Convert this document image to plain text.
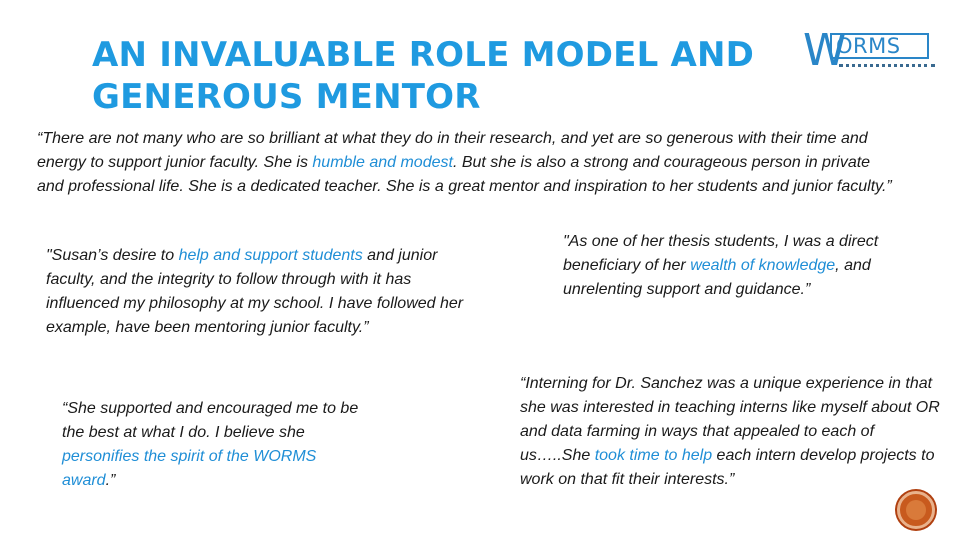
AN INVALUABLE ROLE MODEL AND
GENEROUS MENTOR
W
ORMS

“There are not many who are so brilliant at what they do in their research, and yet are so generous with their time and energy to support junior faculty. She is humble and modest. But she is also a strong and courageous person in private and professional life. She is a dedicated teacher. She is a great mentor and inspiration to her students and junior faculty.”

"Susan’s desire to help and support students and junior faculty, and the integrity to follow through with it has influenced my philosophy at my school. I have followed her example, have been mentoring junior faculty.”

"As one of her thesis students, I was a direct beneficiary of her wealth of knowledge, and unrelenting support and guidance.”

“She supported and encouraged me to be the best at what I do. I believe she personifies the spirit of the WORMS award.”

“Interning for Dr. Sanchez was a unique experience in that she was interested in teaching interns like myself about OR and data farming in ways that appealed to each of us…..She took time to help each intern develop projects to work on that fit their interests.”
